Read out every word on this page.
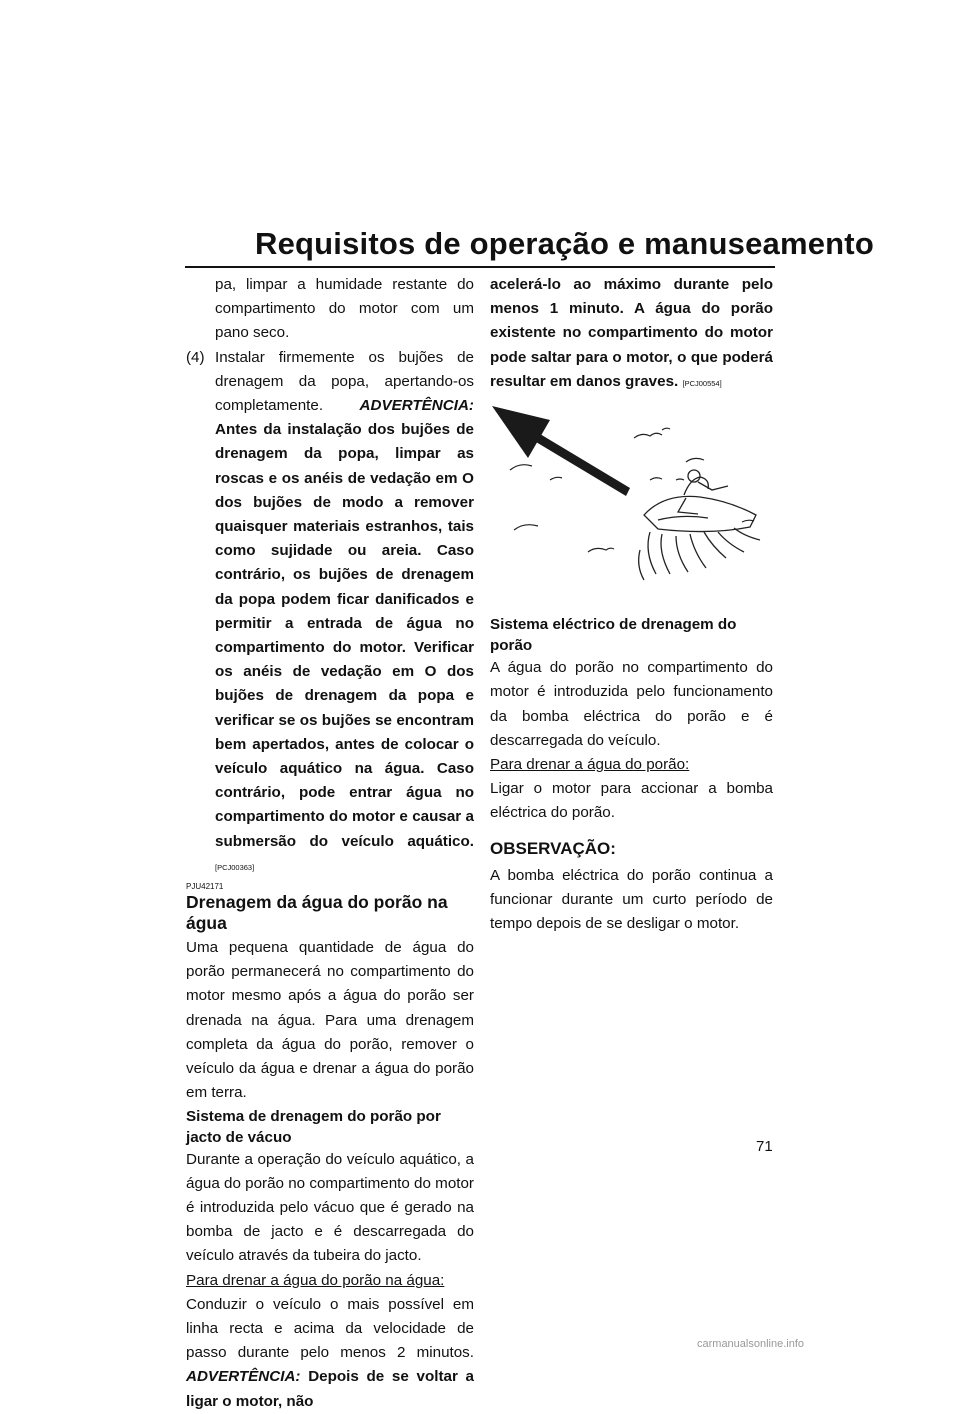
Requisitos de operação e manuseamento

pa, limpar a humidade restante do compartimento do motor com um pano seco.

(4) Instalar firmemente os bujões de drenagem da popa, apertando-os completamente. ADVERTÊNCIA: Antes da instalação dos bujões de drenagem da popa, limpar as roscas e os anéis de vedação em O dos bujões de modo a remover quaisquer materiais estranhos, tais como sujidade ou areia. Caso contrário, os bujões de drenagem da popa podem ficar danificados e permitir a entrada de água no compartimento do motor. Verificar os anéis de vedação em O dos bujões de drenagem da popa e verificar se os bujões se encontram bem apertados, antes de colocar o veículo aquático na água. Caso contrário, pode entrar água no compartimento do motor e causar a submersão do veículo aquático. [PCJ00363]

PJU42171

Drenagem da água do porão na água

Uma pequena quantidade de água do porão permanecerá no compartimento do motor mesmo após a água do porão ser drenada na água. Para uma drenagem completa da água do porão, remover o veículo da água e drenar a água do porão em terra.

Sistema de drenagem do porão por jacto de vácuo

Durante a operação do veículo aquático, a água do porão no compartimento do motor é introduzida pelo vácuo que é gerado na bomba de jacto e é descarregada do veículo através da tubeira do jacto.

Para drenar a água do porão na água:

Conduzir o veículo o mais possível em linha recta e acima da velocidade de passo durante pelo menos 2 minutos. ADVERTÊNCIA: Depois de se voltar a ligar o motor, não

acelerá-lo ao máximo durante pelo menos 1 minuto. A água do porão existente no compartimento do motor pode saltar para o motor, o que poderá resultar em danos graves. [PCJ00554]

Sistema eléctrico de drenagem do porão

A água do porão no compartimento do motor é introduzida pelo funcionamento da bomba eléctrica do porão e é descarregada do veículo.

Para drenar a água do porão:

Ligar o motor para accionar a bomba eléctrica do porão.

OBSERVAÇÃO:

A bomba eléctrica do porão continua a funcionar durante um curto período de tempo depois de se desligar o motor.

71
carmanualsonline.info
